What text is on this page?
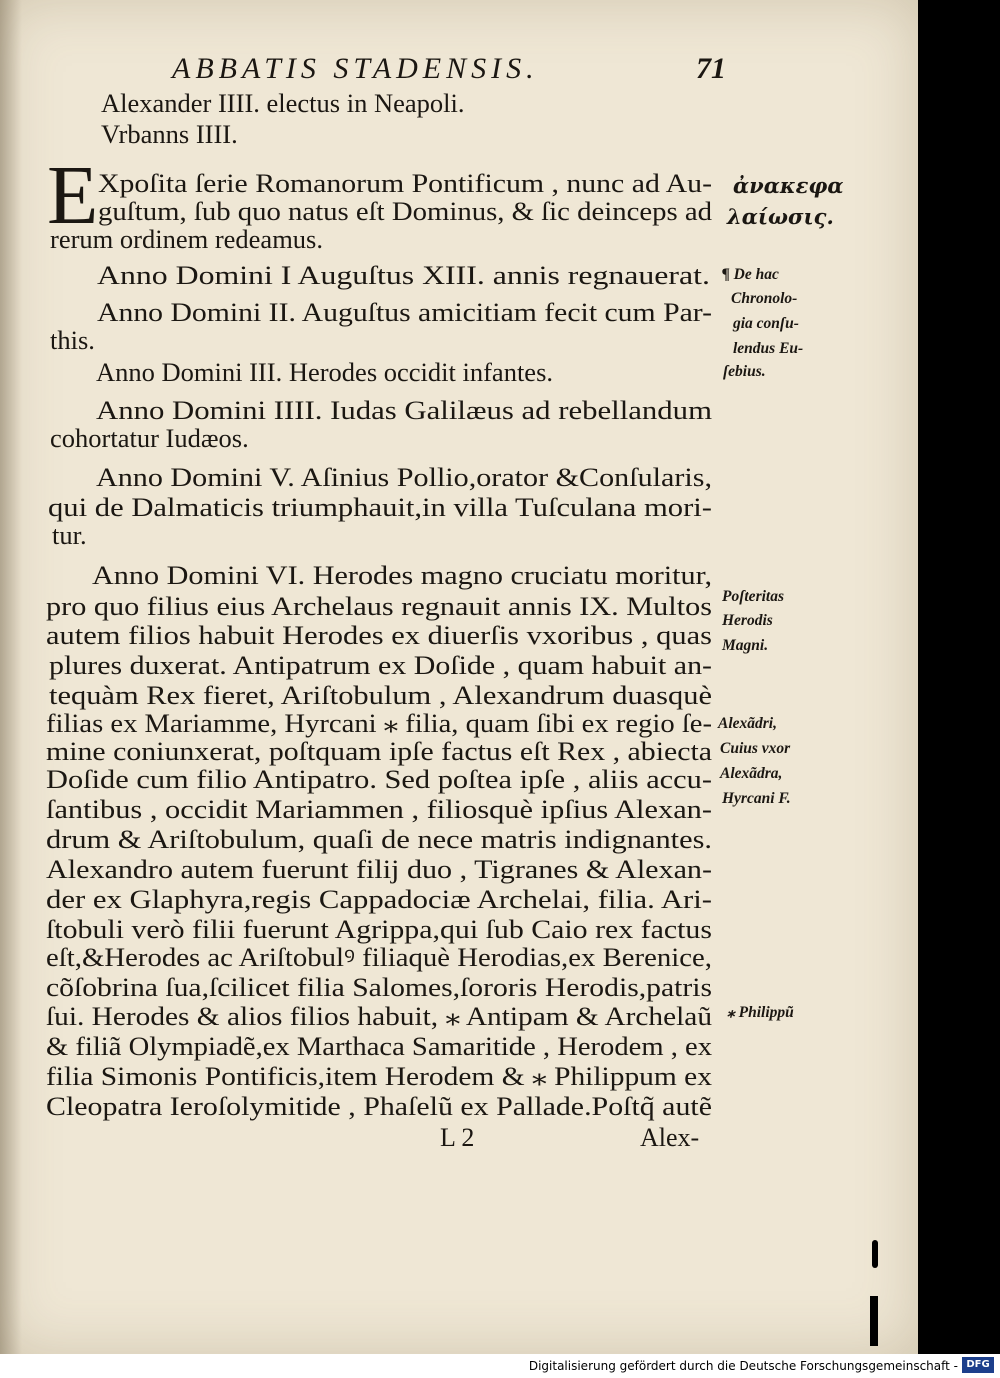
ABBATIS STADENSIS.	71
E
Alexander IIII. electus in Neapoli.
Vrbanns IIII.
Xpoſita ſerie Romanorum Pontificum , nunc ad Au-
guſtum, ſub quo natus eſt Dominus, & ſic deinceps ad
rerum ordinem redeamus.
Anno Domini I Auguſtus XIII. annis regnauerat.
Anno Domini II. Auguſtus amicitiam fecit cum Par-
this.
Anno Domini III. Herodes occidit infantes.
Anno Domini IIII. Iudas Galilæus ad rebellandum
cohortatur Iudæos.
Anno Domini V. Aſinius Pollio,orator &Conſularis,
qui de Dalmaticis triumphauit,in villa Tuſculana mori-
tur.
Anno Domini VI. Herodes magno cruciatu moritur,
pro quo filius eius Archelaus regnauit annis IX. Multos
autem filios habuit Herodes ex diuerſis vxoribus , quas
plures duxerat. Antipatrum ex Doſide , quam habuit an-
tequàm Rex fieret, Ariſtobulum , Alexandrum duasquè
filias ex Mariamme, Hyrcani ⁎ filia, quam ſibi ex regio ſe-
mine coniunxerat, poſtquam ipſe factus eſt Rex , abiecta
Doſide cum filio Antipatro. Sed poſtea ipſe , aliis accu-
ſantibus , occidit Mariammen , filiosquè ipſius Alexan-
drum & Ariſtobulum, quaſi de nece matris indignantes.
Alexandro autem fuerunt filij duo , Tigranes & Alexan-
der ex Glaphyra,regis Cappadociæ Archelai, filia. Ari-
ſtobuli verò filii fuerunt Agrippa,qui ſub Caio rex factus
eſt,&Herodes ac Ariſtobulꝰ filiaquè Herodias,ex Berenice,
cõſobrina ſua,ſcilicet filia Salomes,ſororis Herodis,patris
ſui. Herodes & alios filios habuit, ⁎ Antipam & Archelaũ
& filiã Olympiadẽ,ex Marthaca Samaritide , Herodem , ex
filia Simonis Pontificis,item Herodem & ⁎ Philippum ex
Cleopatra Ieroſolymitide , Phaſelũ ex Pallade.Poſtq̃ autẽ
L 2	Alex-
ἀνακεφα
λαίωσις.
¶ De hac
Chronolo-
gia conſu-
lendus Eu-
ſebius.
Poſteritas
Herodis
Magni.
Alexãdri,
Cuius vxor
Alexãdra,
Hyrcani F.
⁎ Philippũ
Digitalisierung gefördert durch die Deutsche Forschungsgemeinschaft - DFG
